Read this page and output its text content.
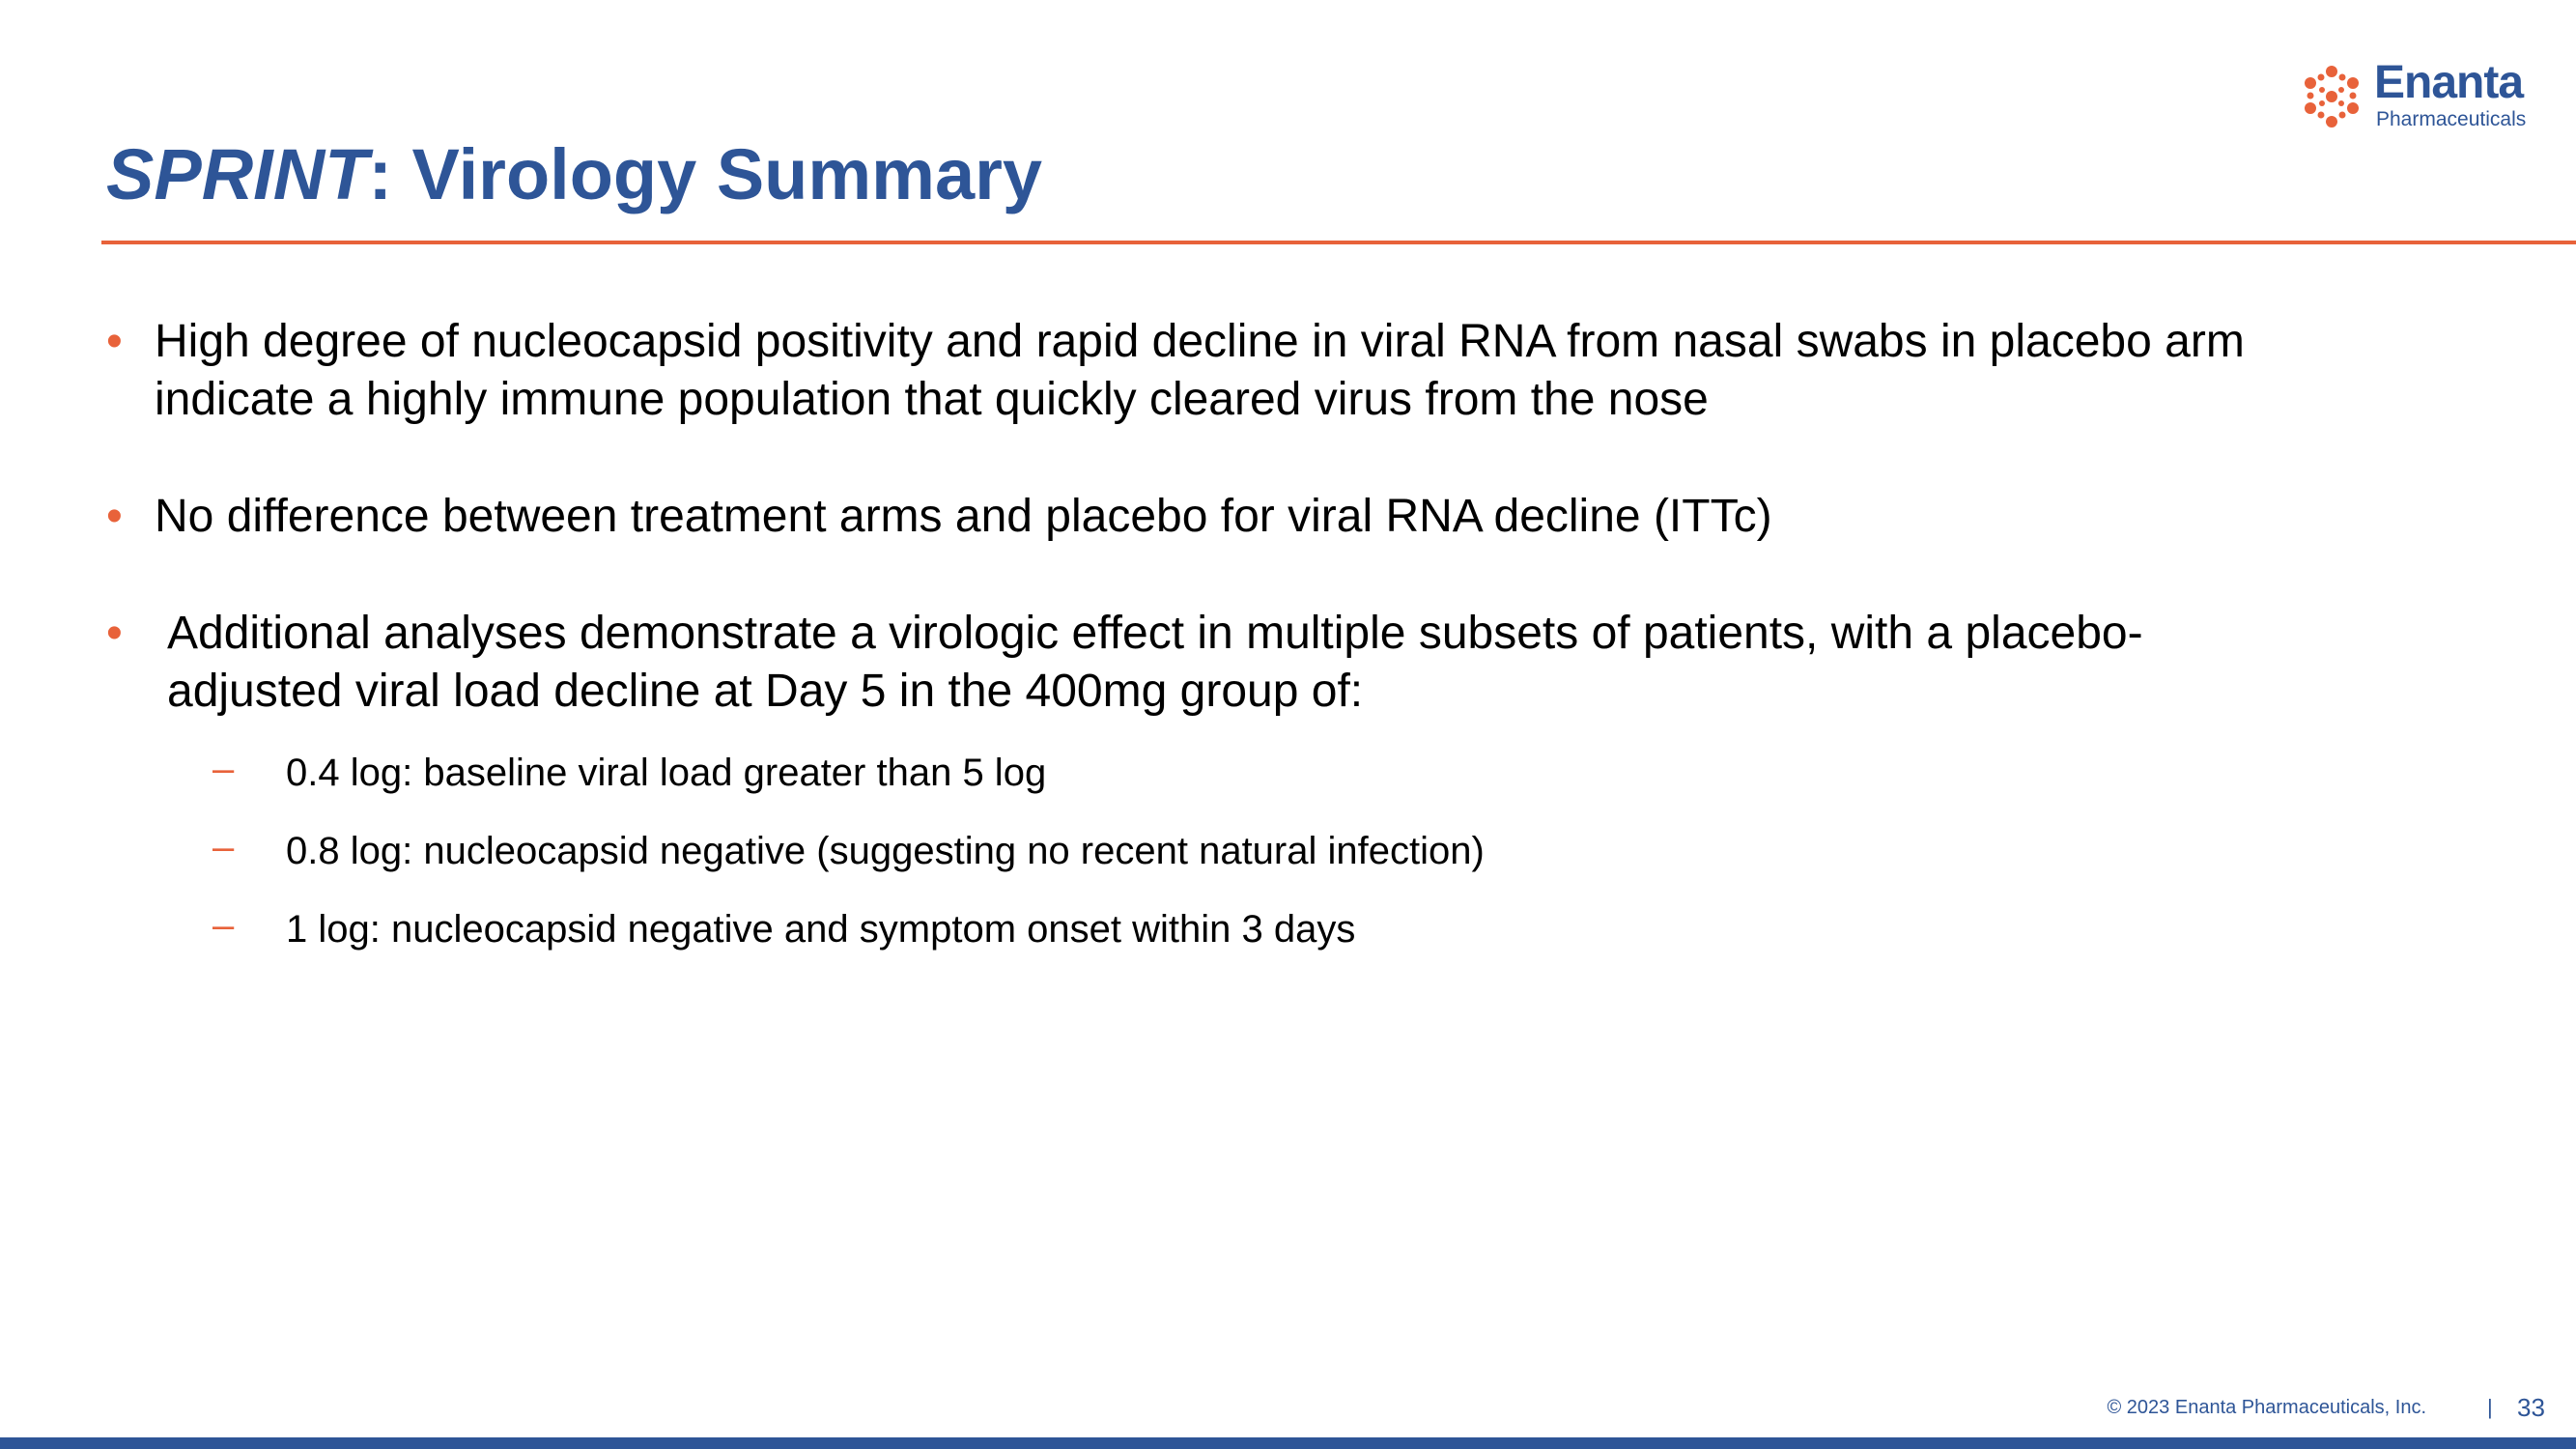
Enanta
Pharmaceuticals
SPRINT: Virology Summary
• High degree of nucleocapsid positivity and rapid decline in viral RNA from nasal swabs in placebo arm
indicate a highly immune population that quickly cleared virus from the nose
• No difference between treatment arms and placebo for viral RNA decline (ITTc)
• Additional analyses demonstrate a virologic effect in multiple subsets of patients, with a placebo-
adjusted viral load decline at Day 5 in the 400mg group of:
– 0.4 log: baseline viral load greater than 5 log
– 0.8 log: nucleocapsid negative (suggesting no recent natural infection)
– 1 log: nucleocapsid negative and symptom onset within 3 days
© 2023 Enanta Pharmaceuticals, Inc.	| 33
